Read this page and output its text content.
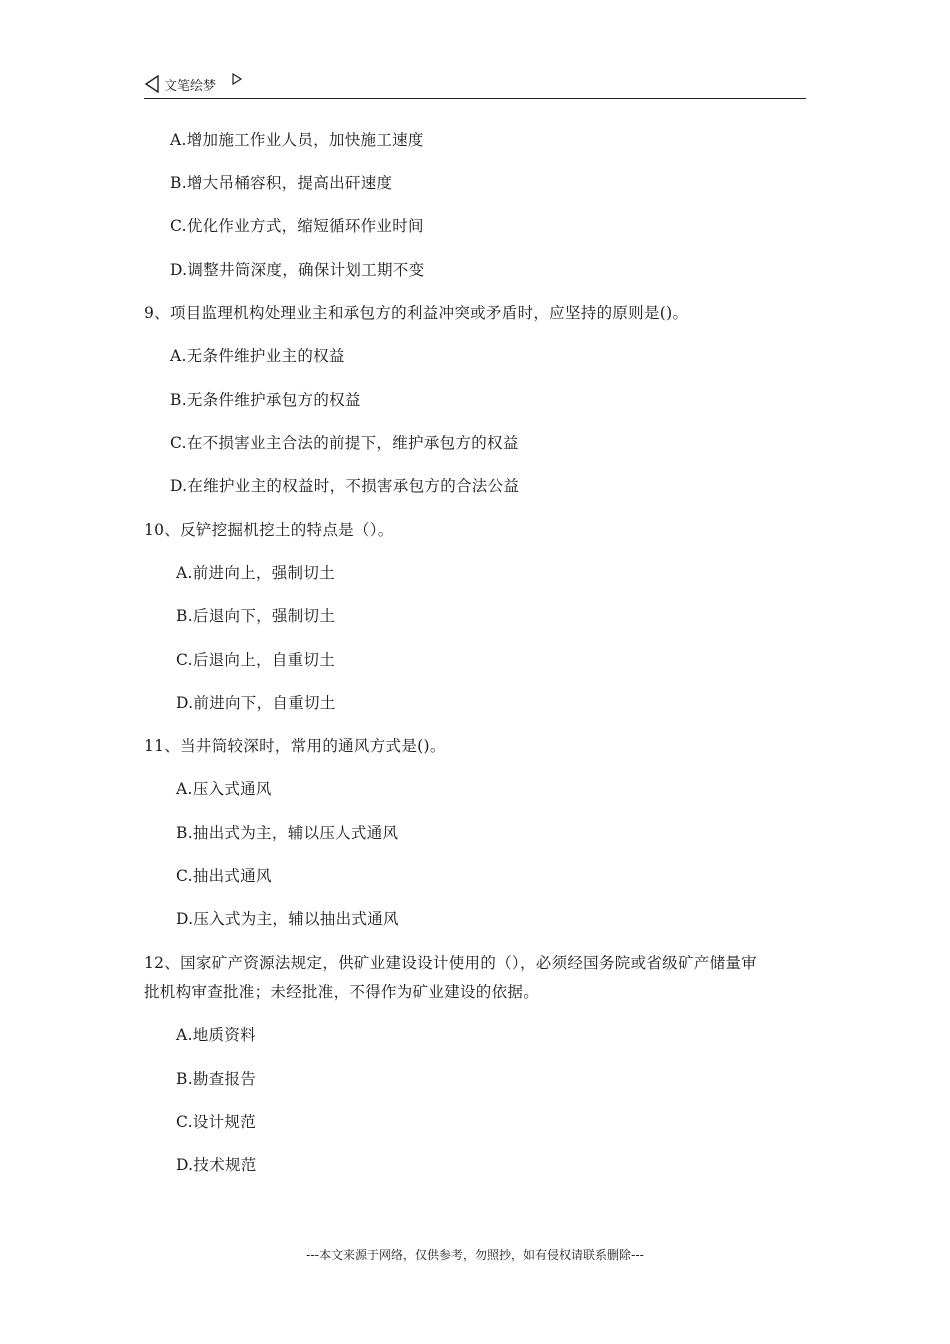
文笔绘梦
A.增加施工作业人员，加快施工速度
B.增大吊桶容积，提高出矸速度
C.优化作业方式，缩短循环作业时间
D.调整井筒深度，确保计划工期不变
9、项目监理机构处理业主和承包方的利益冲突或矛盾时，应坚持的原则是()。
A.无条件维护业主的权益
B.无条件维护承包方的权益
C.在不损害业主合法的前提下，维护承包方的权益
D.在维护业主的权益时，不损害承包方的合法公益
10、反铲挖掘机挖土的特点是（）。
A.前进向上，强制切土
B.后退向下，强制切土
C.后退向上，自重切土
D.前进向下，自重切土
11、当井筒较深时，常用的通风方式是()。
A.压入式通风
B.抽出式为主，辅以压人式通风
C.抽出式通风
D.压入式为主，辅以抽出式通风
12、国家矿产资源法规定，供矿业建设设计使用的（），必须经国务院或省级矿产储量审
批机构审查批准；未经批准，不得作为矿业建设的依据。
A.地质资料
B.勘查报告
C.设计规范
D.技术规范
---本文来源于网络，仅供参考，勿照抄，如有侵权请联系删除---
